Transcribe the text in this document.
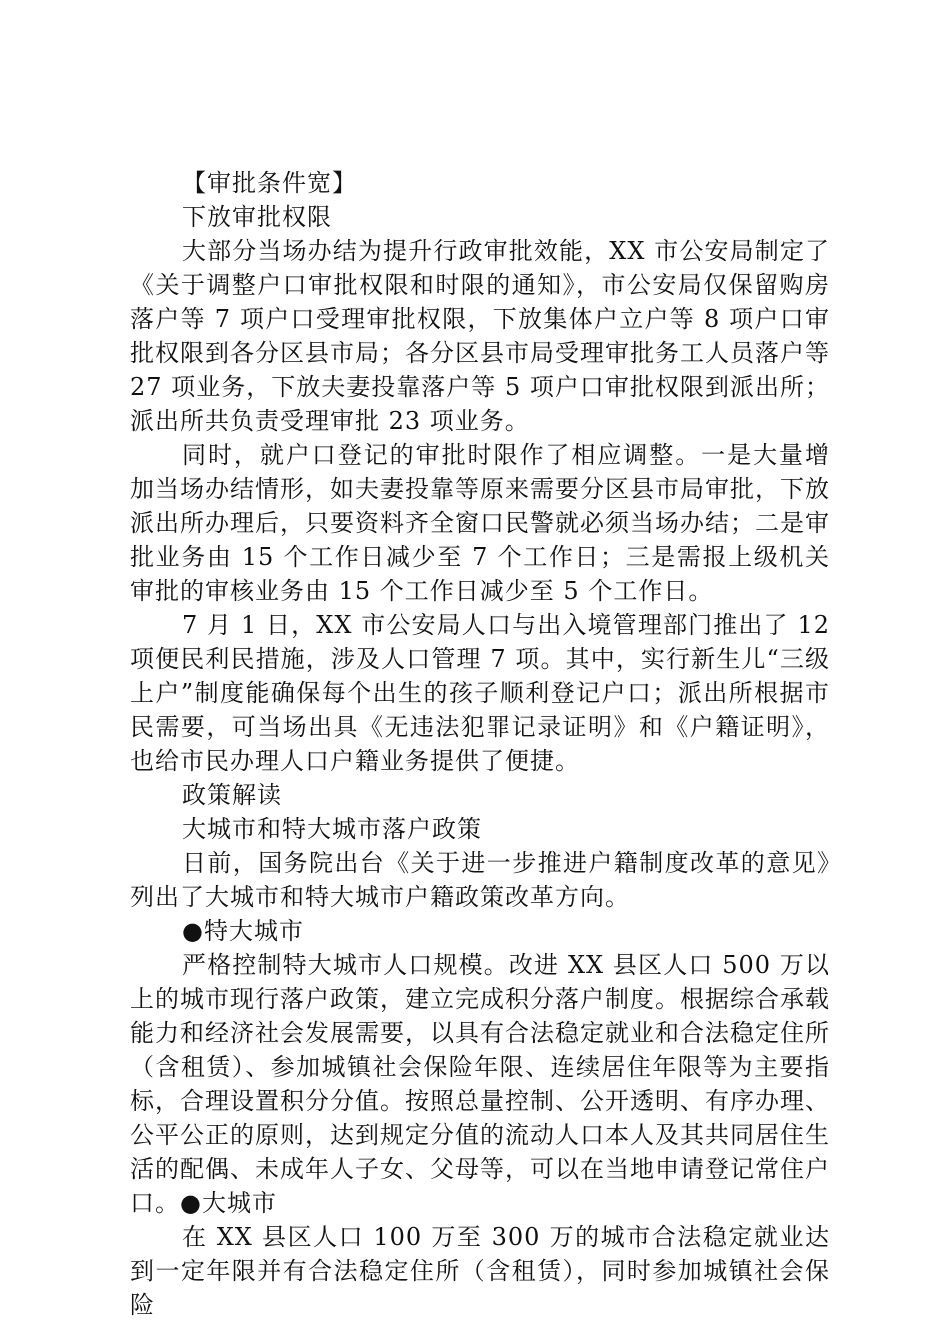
【审批条件宽】

下放审批权限

大部分当场办结为提升行政审批效能，XX 市公安局制定了《关于调整户口审批权限和时限的通知》，市公安局仅保留购房落户等 7 项户口受理审批权限，下放集体户立户等 8 项户口审批权限到各分区县市局；各分区县市局受理审批务工人员落户等 27 项业务，下放夫妻投靠落户等 5 项户口审批权限到派出所；派出所共负责受理审批 23 项业务。

同时，就户口登记的审批时限作了相应调整。一是大量增加当场办结情形，如夫妻投靠等原来需要分区县市局审批，下放派出所办理后，只要资料齐全窗口民警就必须当场办结；二是审批业务由 15 个工作日减少至 7 个工作日；三是需报上级机关审批的审核业务由 15 个工作日减少至 5 个工作日。

7 月 1 日，XX 市公安局人口与出入境管理部门推出了 12 项便民利民措施，涉及人口管理 7 项。其中，实行新生儿“三级上户”制度能确保每个出生的孩子顺利登记户口；派出所根据市民需要，可当场出具《无违法犯罪记录证明》和《户籍证明》，也给市民办理人口户籍业务提供了便捷。

政策解读

大城市和特大城市落户政策

日前，国务院出台《关于进一步推进户籍制度改革的意见》列出了大城市和特大城市户籍政策改革方向。

●特大城市

严格控制特大城市人口规模。改进 XX 县区人口 500 万以上的城市现行落户政策，建立完成积分落户制度。根据综合承载能力和经济社会发展需要，以具有合法稳定就业和合法稳定住所（含租赁）、参加城镇社会保险年限、连续居住年限等为主要指标，合理设置积分分值。按照总量控制、公开透明、有序办理、公平公正的原则，达到规定分值的流动人口本人及其共同居住生活的配偶、未成年人子女、父母等，可以在当地申请登记常住户口。●大城市

在 XX 县区人口 100 万至 300 万的城市合法稳定就业达到一定年限并有合法稳定住所（含租赁），同时参加城镇社会保险
